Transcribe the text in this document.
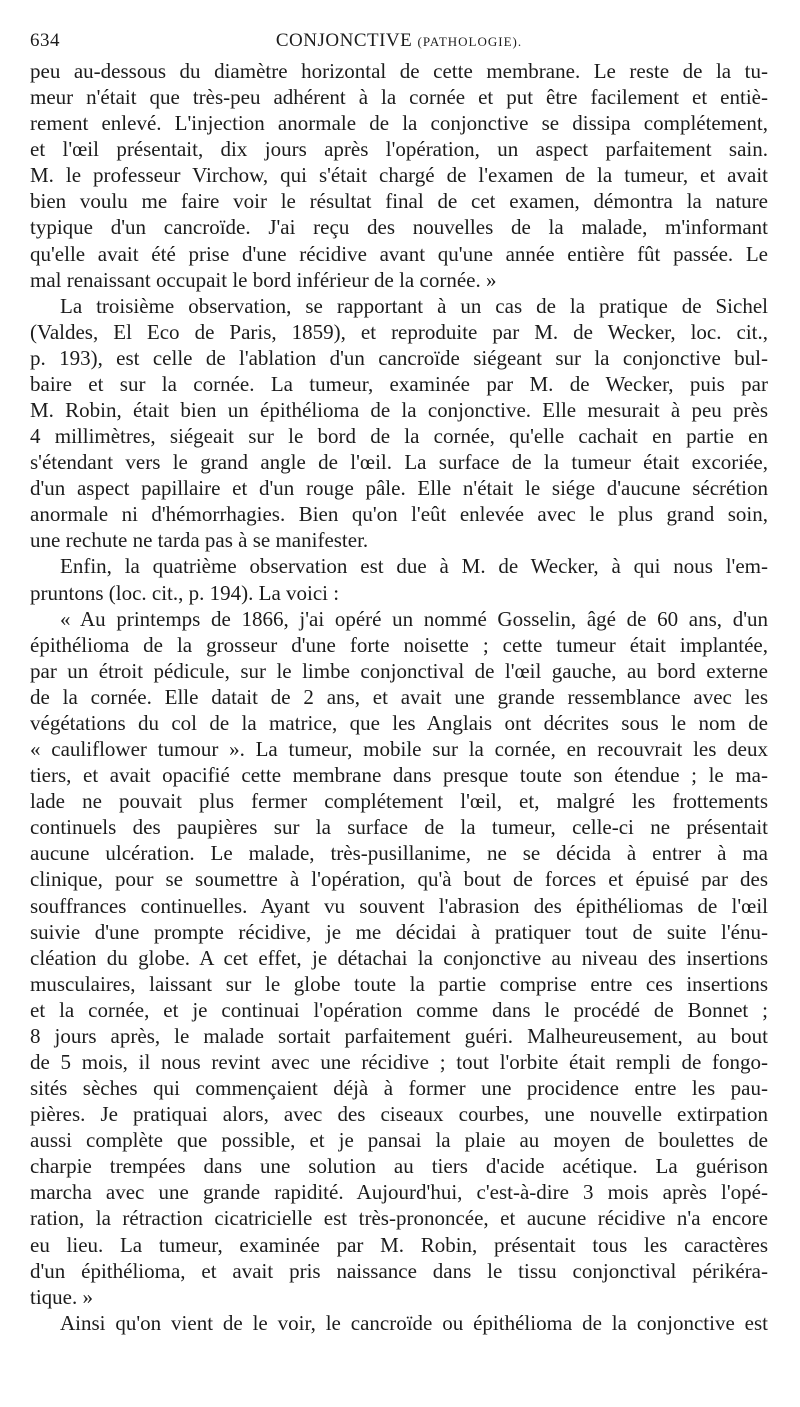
634	CONJONCTIVE (PATHOLOGIE).
peu au-dessous du diamètre horizontal de cette membrane. Le reste de la tu-
meur n'était que très-peu adhérent à la cornée et put être facilement et entiè-
rement enlevé. L'injection anormale de la conjonctive se dissipa complétement,
et l'œil présentait, dix jours après l'opération, un aspect parfaitement sain.
M. le professeur Virchow, qui s'était chargé de l'examen de la tumeur, et avait
bien voulu me faire voir le résultat final de cet examen, démontra la nature
typique d'un cancroïde. J'ai reçu des nouvelles de la malade, m'informant
qu'elle avait été prise d'une récidive avant qu'une année entière fût passée. Le
mal renaissant occupait le bord inférieur de la cornée. »
La troisième observation, se rapportant à un cas de la pratique de Sichel
(Valdes, El Eco de Paris, 1859), et reproduite par M. de Wecker, loc. cit.,
p. 193), est celle de l'ablation d'un cancroïde siégeant sur la conjonctive bul-
baire et sur la cornée. La tumeur, examinée par M. de Wecker, puis par
M. Robin, était bien un épithélioma de la conjonctive. Elle mesurait à peu près
4 millimètres, siégeait sur le bord de la cornée, qu'elle cachait en partie en
s'étendant vers le grand angle de l'œil. La surface de la tumeur était excoriée,
d'un aspect papillaire et d'un rouge pâle. Elle n'était le siége d'aucune sécrétion
anormale ni d'hémorrhagies. Bien qu'on l'eût enlevée avec le plus grand soin,
une rechute ne tarda pas à se manifester.
Enfin, la quatrième observation est due à M. de Wecker, à qui nous l'em-
pruntons (loc. cit., p. 194). La voici :
« Au printemps de 1866, j'ai opéré un nommé Gosselin, âgé de 60 ans, d'un
épithélioma de la grosseur d'une forte noisette ; cette tumeur était implantée,
par un étroit pédicule, sur le limbe conjonctival de l'œil gauche, au bord externe
de la cornée. Elle datait de 2 ans, et avait une grande ressemblance avec les
végétations du col de la matrice, que les Anglais ont décrites sous le nom de
« cauliflower tumour ». La tumeur, mobile sur la cornée, en recouvrait les deux
tiers, et avait opacifié cette membrane dans presque toute son étendue ; le ma-
lade ne pouvait plus fermer complétement l'œil, et, malgré les frottements
continuels des paupières sur la surface de la tumeur, celle-ci ne présentait
aucune ulcération. Le malade, très-pusillanime, ne se décida à entrer à ma
clinique, pour se soumettre à l'opération, qu'à bout de forces et épuisé par des
souffrances continuelles. Ayant vu souvent l'abrasion des épithéliomas de l'œil
suivie d'une prompte récidive, je me décidai à pratiquer tout de suite l'énu-
cléation du globe. A cet effet, je détachai la conjonctive au niveau des insertions
musculaires, laissant sur le globe toute la partie comprise entre ces insertions
et la cornée, et je continuai l'opération comme dans le procédé de Bonnet ;
8 jours après, le malade sortait parfaitement guéri. Malheureusement, au bout
de 5 mois, il nous revint avec une récidive ; tout l'orbite était rempli de fongo-
sités sèches qui commençaient déjà à former une procidence entre les pau-
pières. Je pratiquai alors, avec des ciseaux courbes, une nouvelle extirpation
aussi complète que possible, et je pansai la plaie au moyen de boulettes de
charpie trempées dans une solution au tiers d'acide acétique. La guérison
marcha avec une grande rapidité. Aujourd'hui, c'est-à-dire 3 mois après l'opé-
ration, la rétraction cicatricielle est très-prononcée, et aucune récidive n'a encore
eu lieu. La tumeur, examinée par M. Robin, présentait tous les caractères
d'un épithélioma, et avait pris naissance dans le tissu conjonctival périkéra-
tique. »
Ainsi qu'on vient de le voir, le cancroïde ou épithélioma de la conjonctive est
